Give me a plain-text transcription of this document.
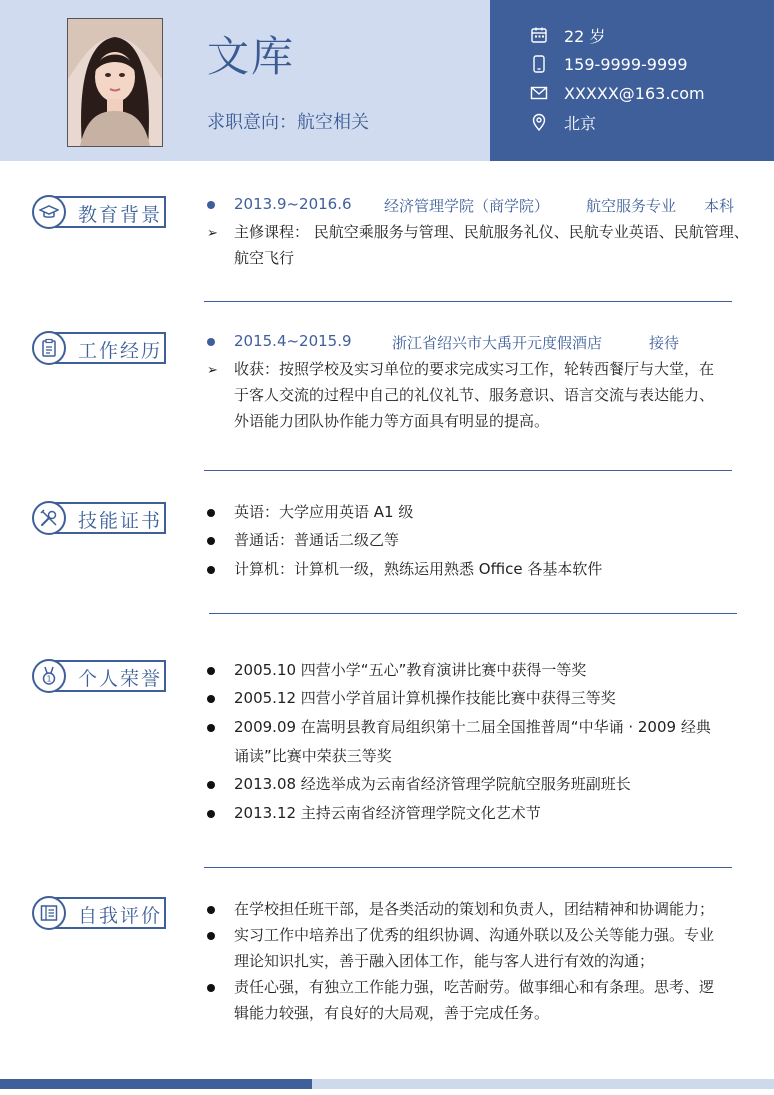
文库
求职意向：航空相关
22 岁
159-9999-9999
XXXXX@163.com
北京
教育背景	2013.9~2016.6 经济管理学院（商学院） 航空服务专业 本科
➢ 主修课程： 民航空乘服务与管理、民航服务礼仪、民航专业英语、民航管理、
航空飞行
工作经历	2015.4~2015.9	浙江省绍兴市大禹开元度假酒店	接待
➢ 收获：按照学校及实习单位的要求完成实习工作，轮转西餐厅与大堂，在
于客人交流的过程中自己的礼仪礼节、服务意识、语言交流与表达能力、
外语能力团队协作能力等方面具有明显的提高。
技能证书	英语：大学应用英语 A1 级
普通话：普通话二级乙等
计算机：计算机一级，熟练运用熟悉 Office 各基本软件
1 个人荣誉	2005.10 四营小学“五心”教育演讲比赛中获得一等奖
2005.12 四营小学首届计算机操作技能比赛中获得三等奖
2009.09 在嵩明县教育局组织第十二届全国推普周“中华诵 · 2009 经典
诵读”比赛中荣获三等奖
2013.08 经选举成为云南省经济管理学院航空服务班副班长
2013.12 主持云南省经济管理学院文化艺术节
自我评价	在学校担任班干部，是各类活动的策划和负责人，团结精神和协调能力；
实习工作中培养出了优秀的组织协调、沟通外联以及公关等能力强。专业
理论知识扎实，善于融入团体工作，能与客人进行有效的沟通；
责任心强，有独立工作能力强，吃苦耐劳。做事细心和有条理。思考、逻
辑能力较强，有良好的大局观，善于完成任务。
